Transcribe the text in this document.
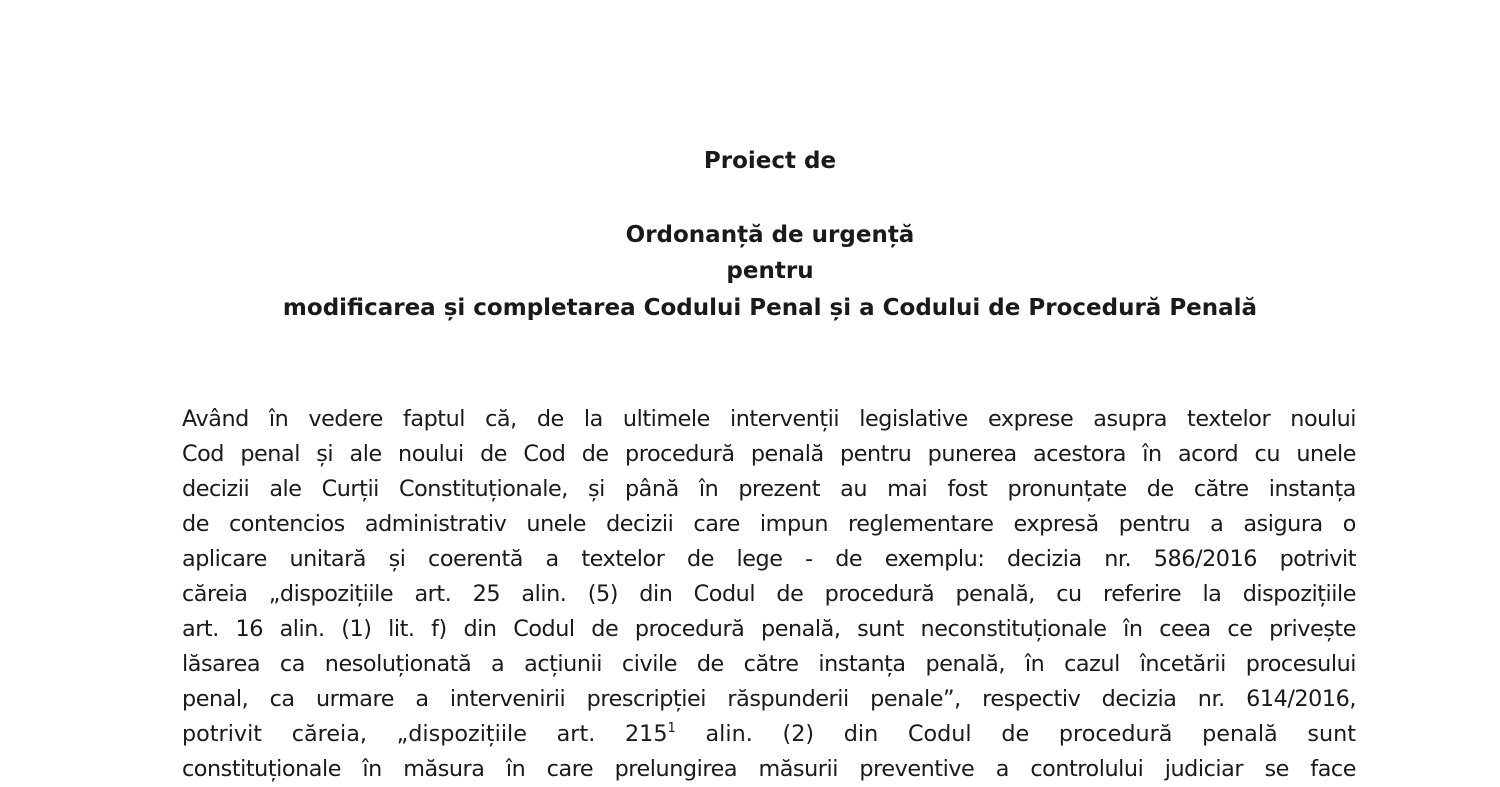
Proiect de
Ordonanță de urgență
pentru
modificarea și completarea Codului Penal și a Codului de Procedură Penală
Având în vedere faptul că, de la ultimele intervenții legislative exprese asupra textelor noului
Cod penal și ale noului de Cod de procedură penală pentru punerea acestora în acord cu unele
decizii ale Curții Constituționale, și până în prezent au mai fost pronunțate de către instanța
de contencios administrativ unele decizii care impun reglementare expresă pentru a asigura o
aplicare unitară și coerentă a textelor de lege - de exemplu: decizia nr. 586/2016 potrivit
căreia „dispozițiile art. 25 alin. (5) din Codul de procedură penală, cu referire la dispozițiile
art. 16 alin. (1) lit. f) din Codul de procedură penală, sunt neconstituționale în ceea ce privește
lăsarea ca nesoluționată a acțiunii civile de către instanța penală, în cazul încetării procesului
penal, ca urmare a intervenirii prescripției răspunderii penale”, respectiv decizia nr. 614/2016,
potrivit căreia, „dispozițiile art. $215^1$ alin. (2) din Codul de procedură penală sunt
constituționale în măsura în care prelungirea măsurii preventive a controlului judiciar se face
